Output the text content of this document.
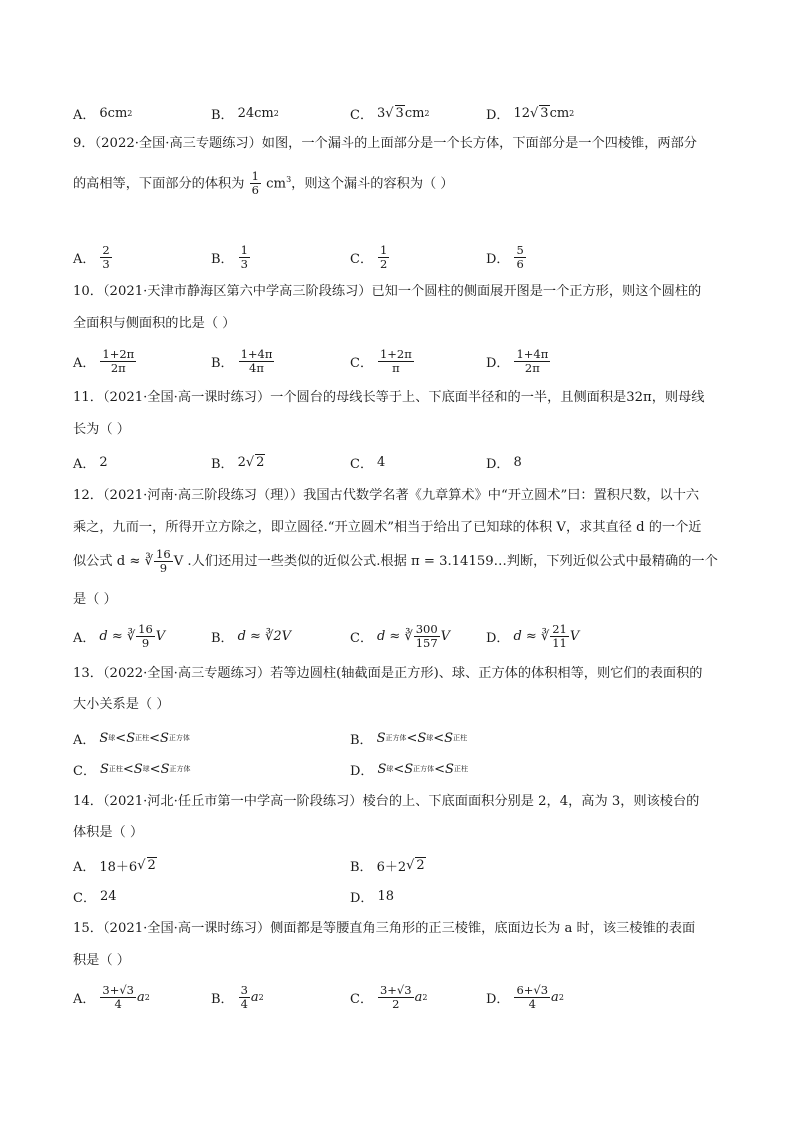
A． 6cm 2	B． 24cm 2	C． 3 √ 3 cm 2	D． 12 √ 3 cm 2
9．（2022·全国·高三专题练习）如图，一个漏斗的上面部分是一个长方体，下面部分是一个四棱锥，两部分
的高相等，下面部分的体积为 $\frac{1}{6} cm^3$，则这个漏斗的容积为（ ）
A． $\frac{2}{3}$	B． $\frac{1}{3}$	C． $\frac{1}{2}$	D． $\frac{5}{6}$
10．（2021·天津市静海区第六中学高三阶段练习）已知一个圆柱的侧面展开图是一个正方形，则这个圆柱的
全面积与侧面积的比是（ ）
A． $\frac{1+2\pi}{2\pi}$	B． $\frac{1+4\pi}{4\pi}$	C． $\frac{1+2\pi}{\pi}$	D． $\frac{1+4\pi}{2\pi}$
11．（2021·全国·高一课时练习）一个圆台的母线长等于上、下底面半径和的一半，且侧面积是32π，则母线
长为（ ）
A． 2	B． 2 √ 2	C． 4	D． 8
12．（2021·河南·高三阶段练习（理））我国古代数学名著《九章算术》中“开立圆术”曰：置积尺数，以十六
乘之，九而一，所得开立方除之，即立圆径.“开立圆术”相当于给出了已知球的体积 V，求其直径 d 的一个近
似公式 d ≈ ∛ $\frac{16}{9}$ V .人们还用过一些类似的近似公式.根据 π = 3.14159…判断，下列近似公式中最精确的一个
是（ ）
A． d ≈ ∛ $\frac{16}{9}$ V	B． d ≈ ∛ 2V	C． d ≈ ∛ $\frac{300}{157}$ V	D． d ≈ ∛ $\frac{21}{11}$ V
13．（2022·全国·高三专题练习）若等边圆柱(轴截面是正方形)、球、正方体的体积相等，则它们的表面积的
大小关系是（ ）
A． S 球 <S 正柱 <S 正方体	B． S 正方体 <S 球 <S 正柱
C． S 正柱 <S 球 <S 正方体	D． S 球 <S 正方体 <S 正柱
14．（2021·河北·任丘市第一中学高一阶段练习）棱台的上、下底面面积分别是 2，4，高为 3，则该棱台的
体积是（ ）
A． 18＋6 √ 2	B． 6＋2 √ 2
C． 24	D． 18
15．（2021·全国·高一课时练习）侧面都是等腰直角三角形的正三棱锥，底面边长为 a 时，该三棱锥的表面
积是（ ）
A． $\frac{3+√3}{4}$ a 2	B． $\frac{3}{4}$ a 2	C． $\frac{3+√3}{2}$ a 2	D． $\frac{6+√3}{4}$ a 2
